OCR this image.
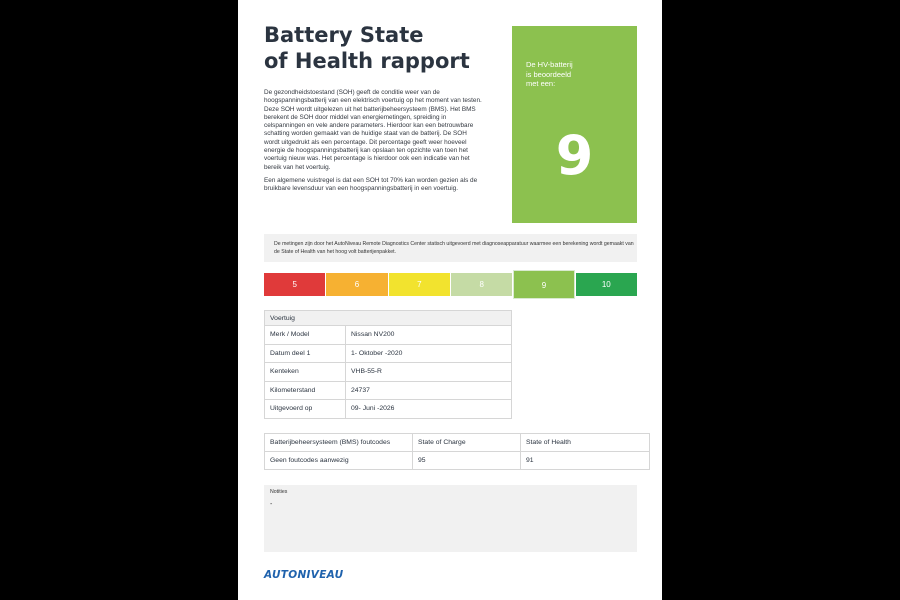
Battery State
of Health rapport

De gezondheidstoestand (SOH) geeft de conditie weer van de hoogspanningsbatterij van een elektrisch voertuig op het moment van testen. Deze SOH wordt uitgelezen uit het batterijbeheersysteem (BMS). Het BMS berekent de SOH door middel van energiemetingen, spreiding in celspanningen en vele andere parameters. Hierdoor kan een betrouwbare schatting worden gemaakt van de huidige staat van de batterij. De SOH wordt uitgedrukt als een percentage. Dit percentage geeft weer hoeveel energie de hoogspanningsbatterij kan opslaan ten opzichte van toen het voertuig nieuw was. Het percentage is hierdoor ook een indicatie van het bereik van het voertuig.

Een algemene vuistregel is dat een SOH tot 70% kan worden gezien als de bruikbare levensduur van een hoogspanningsbatterij in een voertuig.

De HV-batterij
is beoordeeld
met een:
9
De metingen zijn door het AutoNiveau Remote Diagnostics Center statisch uitgevoerd met diagnoseapparatuur waarmee een berekening wordt gemaakt van de State of Health van het hoog volt batterijenpakket.
5	6	7	8	9	10
Voertuig	
Merk / Model	Nissan NV200
Datum deel 1	1- Oktober -2020
Kenteken	VHB-55-R
Kilometerstand	24737
Uitgevoerd op	09- Juni -2026
Batterijbeheersysteem (BMS) foutcodes	State of Charge	State of Health
Geen foutcodes aanwezig	95	91
Notities
-
AUTONIVEAU
